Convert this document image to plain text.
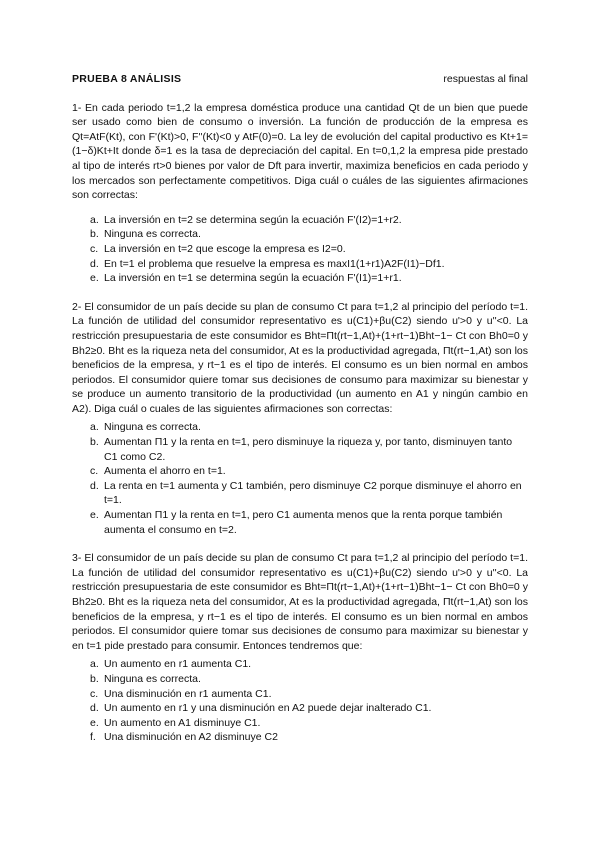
PRUEBA 8 ANÁLISIS	respuestas al final

1- En cada periodo t=1,2 la empresa doméstica produce una cantidad Qt de un bien que puede ser usado como bien de consumo o inversión. La función de producción de la empresa es Qt=AtF(Kt), con F'(Kt)>0, F''(Kt)<0 y AtF(0)=0. La ley de evolución del capital productivo es Kt+1=(1−δ)Kt+It donde δ=1 es la tasa de depreciación del capital. En t=0,1,2 la empresa pide prestado al tipo de interés rt>0 bienes por valor de Dft para invertir, maximiza beneficios en cada periodo y los mercados son perfectamente competitivos. Diga cuál o cuáles de las siguientes afirmaciones son correctas:

a. La inversión en t=2 se determina según la ecuación F'(I2)=1+r2.
b. Ninguna es correcta.
c. La inversión en t=2 que escoge la empresa es I2=0.
d. En t=1 el problema que resuelve la empresa es maxI1(1+r1)A2F(I1)−Df1.
e. La inversión en t=1 se determina según la ecuación F'(I1)=1+r1.

2- El consumidor de un país decide su plan de consumo Ct para t=1,2 al principio del período t=1. La función de utilidad del consumidor representativo es u(C1)+βu(C2) siendo u'>0 y u''<0. La restricción presupuestaria de este consumidor es Bht=Πt(rt−1,At)+(1+rt−1)Bht−1− Ct con Bh0=0 y Bh2≥0. Bht es la riqueza neta del consumidor, At es la productividad agregada, Πt(rt−1,At) son los beneficios de la empresa, y rt−1 es el tipo de interés. El consumo es un bien normal en ambos periodos. El consumidor quiere tomar sus decisiones de consumo para maximizar su bienestar y se produce un aumento transitorio de la productividad (un aumento en A1 y ningún cambio en A2). Diga cuál o cuales de las siguientes afirmaciones son correctas:

a. Ninguna es correcta.
b. Aumentan Π1 y la renta en t=1, pero disminuye la riqueza y, por tanto, disminuyen tanto C1 como C2.
c. Aumenta el ahorro en t=1.
d. La renta en t=1 aumenta y C1 también, pero disminuye C2 porque disminuye el ahorro en t=1.
e. Aumentan Π1 y la renta en t=1, pero C1 aumenta menos que la renta porque también aumenta el consumo en t=2.

3- El consumidor de un país decide su plan de consumo Ct para t=1,2 al principio del período t=1. La función de utilidad del consumidor representativo es u(C1)+βu(C2) siendo u'>0 y u''<0. La restricción presupuestaria de este consumidor es Bht=Πt(rt−1,At)+(1+rt−1)Bht−1− Ct con Bh0=0 y Bh2≥0. Bht es la riqueza neta del consumidor, At es la productividad agregada, Πt(rt−1,At) son los beneficios de la empresa, y rt−1 es el tipo de interés. El consumo es un bien normal en ambos periodos. El consumidor quiere tomar sus decisiones de consumo para maximizar su bienestar y en t=1 pide prestado para consumir. Entonces tendremos que:

a. Un aumento en r1 aumenta C1.
b. Ninguna es correcta.
c. Una disminución en r1 aumenta C1.
d. Un aumento en r1 y una disminución en A2 puede dejar inalterado C1.
e. Un aumento en A1 disminuye C1.
f. Una disminución en A2 disminuye C2
